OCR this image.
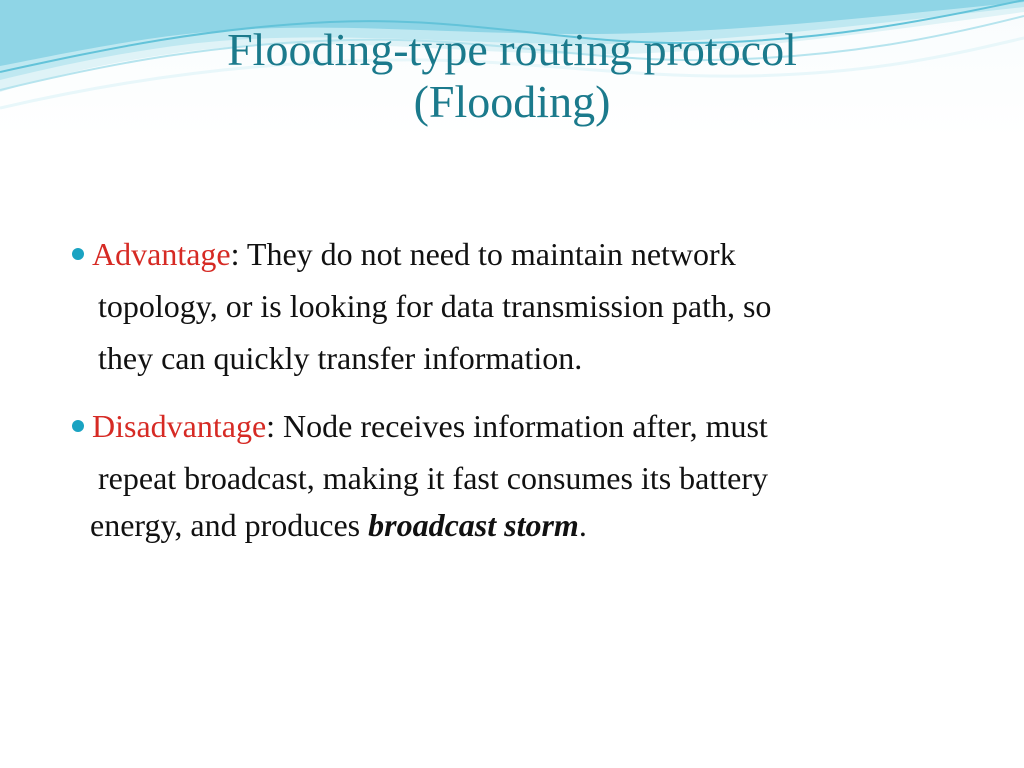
Flooding-type routing protocol
(Flooding)
Advantage: They do not need to maintain network
topology, or is looking for data transmission path, so
they can quickly transfer information.
Disadvantage: Node receives information after, must
repeat broadcast, making it fast consumes its battery
energy, and produces broadcast storm.
